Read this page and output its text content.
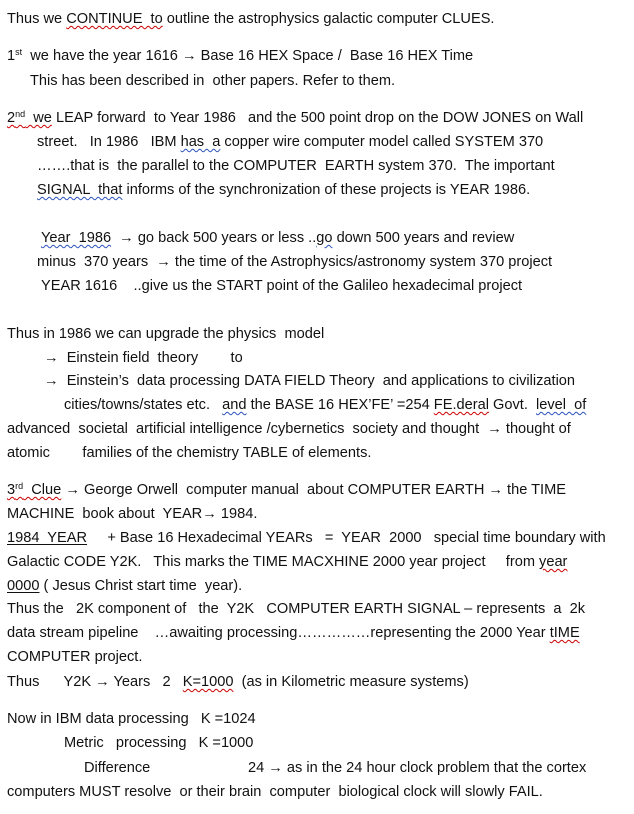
Thus we CONTINUE  to outline the astrophysics galactic computer CLUES.
1st  we have the year 1616 → Base 16 HEX Space /  Base 16 HEX Time
This has been described in  other papers. Refer to them.
2nd  we LEAP forward  to Year 1986   and the 500 point drop on the DOW JONES on Wall
street.   In 1986   IBM has  a copper wire computer model called SYSTEM 370
…….that is  the parallel to the COMPUTER  EARTH system 370.  The important
SIGNAL  that informs of the synchronization of these projects is YEAR 1986.
Year  1986  → go back 500 years or less ..go down 500 years and review
minus  370 years  → the time of the Astrophysics/astronomy system 370 project
YEAR 1616    ..give us the START point of the Galileo hexadecimal project
Thus in 1986 we can upgrade the physics  model
→  Einstein field  theory        to
→  Einstein’s  data processing DATA FIELD Theory  and applications to civilization
cities/towns/states etc.   and the BASE 16 HEX’FE’ =254 FE.deral Govt.  level  of
advanced  societal  artificial intelligence /cybernetics  society and thought  → thought of
atomic        families of the chemistry TABLE of elements.
3rd  Clue → George Orwell  computer manual  about COMPUTER EARTH → the TIME
MACHINE  book about  YEAR→ 1984.
1984  YEAR     + Base 16 Hexadecimal YEARs   =  YEAR  2000   special time boundary with
Galactic CODE Y2K.   This marks the TIME MACXHINE 2000 year project     from year
0000 ( Jesus Christ start time  year).
Thus the   2K component of   the  Y2K   COMPUTER EARTH SIGNAL – represents  a  2k
data stream pipeline    …awaiting processing……………representing the 2000 Year tIME
COMPUTER project.
Thus      Y2K → Years   2   K=1000  (as in Kilometric measure systems)
Now in IBM data processing   K =1024
Metric   processing   K =1000
Difference	24 → as in the 24 hour clock problem that the cortex
computers MUST resolve  or their brain  computer  biological clock will slowly FAIL.
